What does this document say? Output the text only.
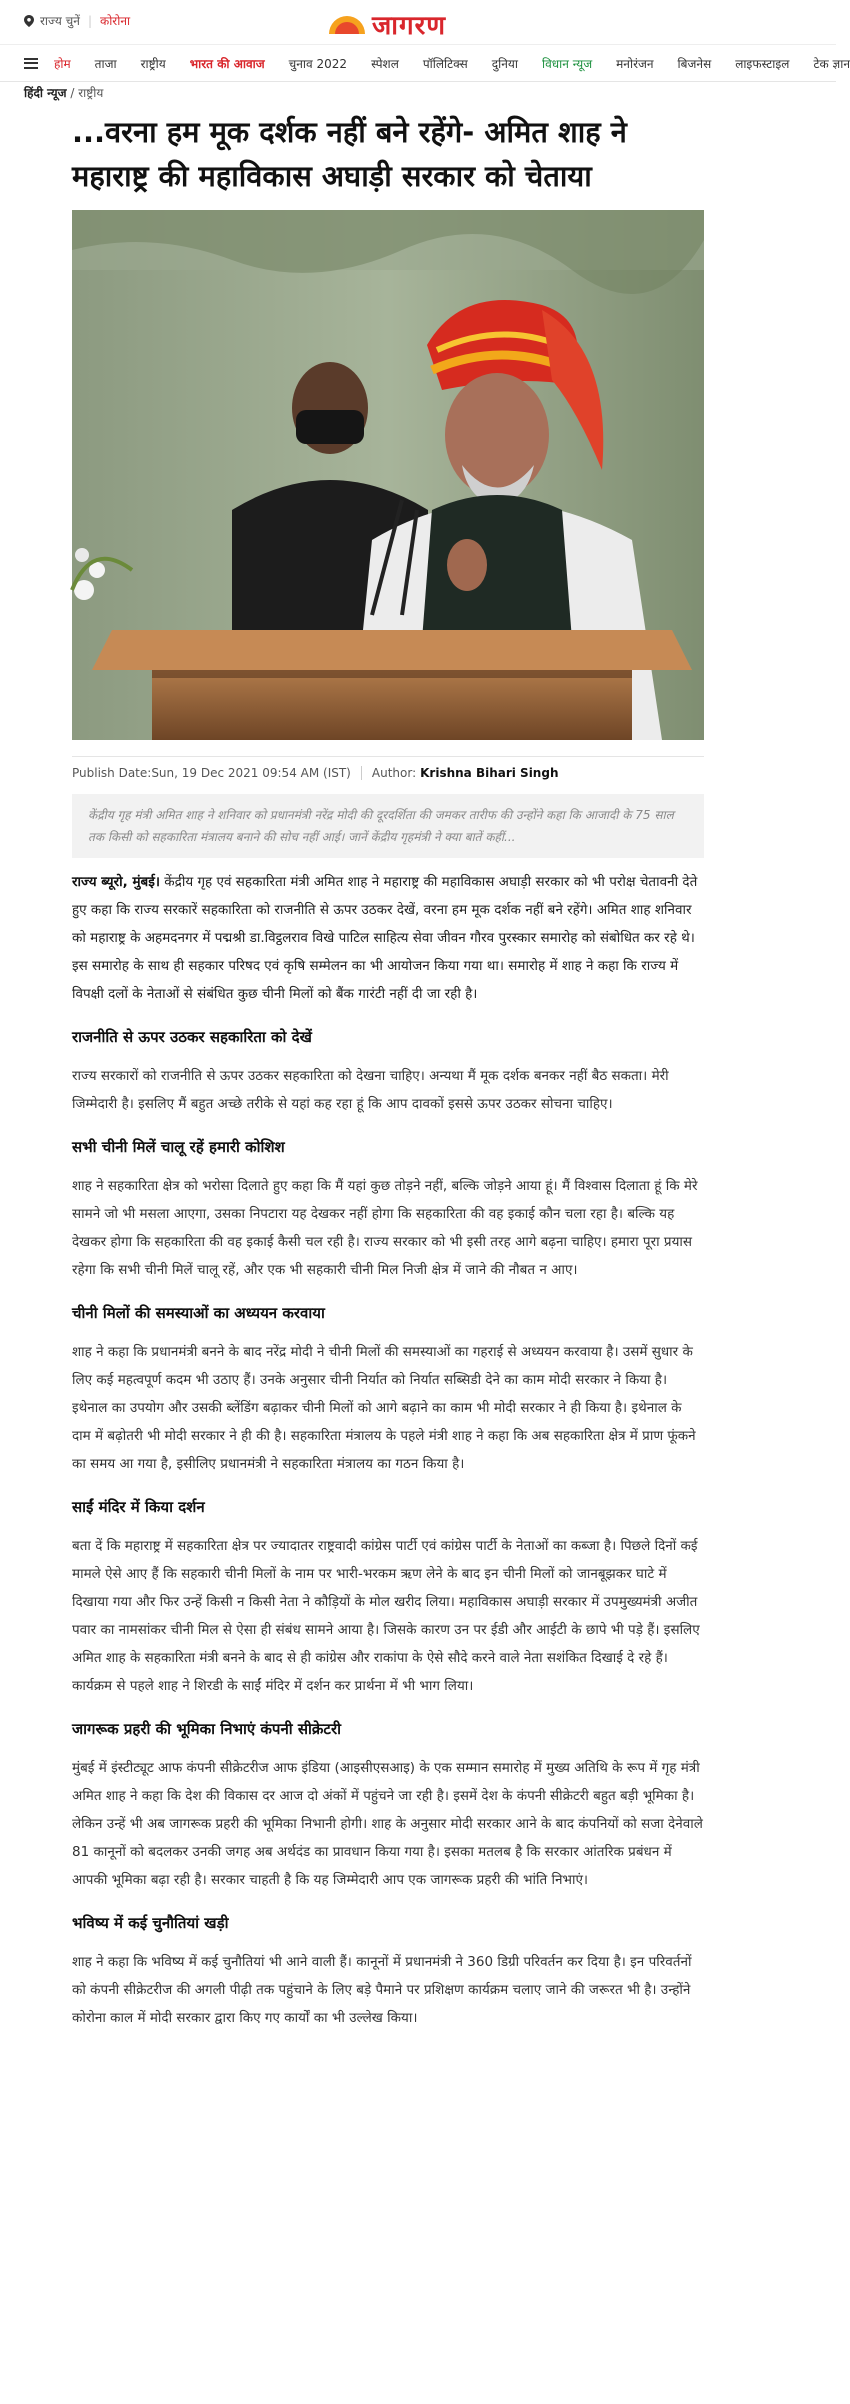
राज्य चुनें | कोरोना	जागरण
होम ताजा राष्ट्रीय भारत की आवाज चुनाव 2022 स्पेशल पॉलिटिक्स दुनिया विधान न्यूज मनोरंजन बिजनेस लाइफस्टाइल टेक ज्ञान
हिंदी न्यूज / राष्ट्रीय
...वरना हम मूक दर्शक नहीं बने रहेंगे- अमित शाह ने महाराष्ट्र की महाविकास अघाड़ी सरकार को चेताया
Publish Date:Sun, 19 Dec 2021 09:54 AM (IST) Author: Krishna Bihari Singh
केंद्रीय गृह मंत्री अमित शाह ने शनिवार को प्रधानमंत्री नरेंद्र मोदी की दूरदर्शिता की जमकर तारीफ की उन्होंने कहा कि आजादी के 75 साल तक किसी को सहकारिता मंत्रालय बनाने की सोच नहीं आई। जानें केंद्रीय गृहमंत्री ने क्या बातें कहीं...

राज्य ब्यूरो, मुंबई। केंद्रीय गृह एवं सहकारिता मंत्री अमित शाह ने महाराष्ट्र की महाविकास अघाड़ी सरकार को भी परोक्ष चेतावनी देते हुए कहा कि राज्य सरकारें सहकारिता को राजनीति से ऊपर उठकर देखें, वरना हम मूक दर्शक नहीं बने रहेंगे। अमित शाह शनिवार को महाराष्ट्र के अहमदनगर में पद्मश्री डा.विट्ठलराव विखे पाटिल साहित्य सेवा जीवन गौरव पुरस्कार समारोह को संबोधित कर रहे थे। इस समारोह के साथ ही सहकार परिषद एवं कृषि सम्मेलन का भी आयोजन किया गया था। समारोह में शाह ने कहा कि राज्य में विपक्षी दलों के नेताओं से संबंधित कुछ चीनी मिलों को बैंक गारंटी नहीं दी जा रही है।

राजनीति से ऊपर उठकर सहकारिता को देखें

राज्य सरकारों को राजनीति से ऊपर उठकर सहकारिता को देखना चाहिए। अन्यथा मैं मूक दर्शक बनकर नहीं बैठ सकता। मेरी जिम्मेदारी है। इसलिए मैं बहुत अच्छे तरीके से यहां कह रहा हूं कि आप दावकों इससे ऊपर उठकर सोचना चाहिए।

सभी चीनी मिलें चालू रहें हमारी कोशिश

शाह ने सहकारिता क्षेत्र को भरोसा दिलाते हुए कहा कि मैं यहां कुछ तोड़ने नहीं, बल्कि जोड़ने आया हूं। मैं विश्वास दिलाता हूं कि मेरे सामने जो भी मसला आएगा, उसका निपटारा यह देखकर नहीं होगा कि सहकारिता की वह इकाई कौन चला रहा है। बल्कि यह देखकर होगा कि सहकारिता की वह इकाई कैसी चल रही है। राज्य सरकार को भी इसी तरह आगे बढ़ना चाहिए। हमारा पूरा प्रयास रहेगा कि सभी चीनी मिलें चालू रहें, और एक भी सहकारी चीनी मिल निजी क्षेत्र में जाने की नौबत न आए।

चीनी मिलों की समस्याओं का अध्ययन करवाया

शाह ने कहा कि प्रधानमंत्री बनने के बाद नरेंद्र मोदी ने चीनी मिलों की समस्याओं का गहराई से अध्ययन करवाया है। उसमें सुधार के लिए कई महत्वपूर्ण कदम भी उठाए हैं। उनके अनुसार चीनी निर्यात को निर्यात सब्सिडी देने का काम मोदी सरकार ने किया है। इथेनाल का उपयोग और उसकी ब्लेंडिंग बढ़ाकर चीनी मिलों को आगे बढ़ाने का काम भी मोदी सरकार ने ही किया है। इथेनाल के दाम में बढ़ोतरी भी मोदी सरकार ने ही की है। सहकारिता मंत्रालय के पहले मंत्री शाह ने कहा कि अब सहकारिता क्षेत्र में प्राण फूंकने का समय आ गया है, इसीलिए प्रधानमंत्री ने सहकारिता मंत्रालय का गठन किया है।

साईं मंदिर में किया दर्शन

बता दें कि महाराष्ट्र में सहकारिता क्षेत्र पर ज्यादातर राष्ट्रवादी कांग्रेस पार्टी एवं कांग्रेस पार्टी के नेताओं का कब्जा है। पिछले दिनों कई मामले ऐसे आए हैं कि सहकारी चीनी मिलों के नाम पर भारी-भरकम ऋण लेने के बाद इन चीनी मिलों को जानबूझकर घाटे में दिखाया गया और फिर उन्हें किसी न किसी नेता ने कौड़ियों के मोल खरीद लिया। महाविकास अघाड़ी सरकार में उपमुख्यमंत्री अजीत पवार का नामसांकर चीनी मिल से ऐसा ही संबंध सामने आया है। जिसके कारण उन पर ईडी और आईटी के छापे भी पड़े हैं। इसलिए अमित शाह के सहकारिता मंत्री बनने के बाद से ही कांग्रेस और राकांपा के ऐसे सौदे करने वाले नेता सशंकित दिखाई दे रहे हैं। कार्यक्रम से पहले शाह ने शिरडी के साईं मंदिर में दर्शन कर प्रार्थना में भी भाग लिया।

जागरूक प्रहरी की भूमिका निभाएं कंपनी सीक्रेटरी

मुंबई में इंस्टीट्यूट आफ कंपनी सीक्रेटरीज आफ इंडिया (आइसीएसआइ) के एक सम्मान समारोह में मुख्य अतिथि के रूप में गृह मंत्री अमित शाह ने कहा कि देश की विकास दर आज दो अंकों में पहुंचने जा रही है। इसमें देश के कंपनी सीक्रेटरी बहुत बड़ी भूमिका है। लेकिन उन्हें भी अब जागरूक प्रहरी की भूमिका निभानी होगी। शाह के अनुसार मोदी सरकार आने के बाद कंपनियों को सजा देनेवाले 81 कानूनों को बदलकर उनकी जगह अब अर्थदंड का प्रावधान किया गया है। इसका मतलब है कि सरकार आंतरिक प्रबंधन में आपकी भूमिका बढ़ा रही है। सरकार चाहती है कि यह जिम्मेदारी आप एक जागरूक प्रहरी की भांति निभाएं।

भविष्य में कई चुनौतियां खड़ी

शाह ने कहा कि भविष्य में कई चुनौतियां भी आने वाली हैं। कानूनों में प्रधानमंत्री ने 360 डिग्री परिवर्तन कर दिया है। इन परिवर्तनों को कंपनी सीक्रेटरीज की अगली पीढ़ी तक पहुंचाने के लिए बड़े पैमाने पर प्रशिक्षण कार्यक्रम चलाए जाने की जरूरत भी है। उन्होंने कोरोना काल में मोदी सरकार द्वारा किए गए कार्यों का भी उल्लेख किया।
